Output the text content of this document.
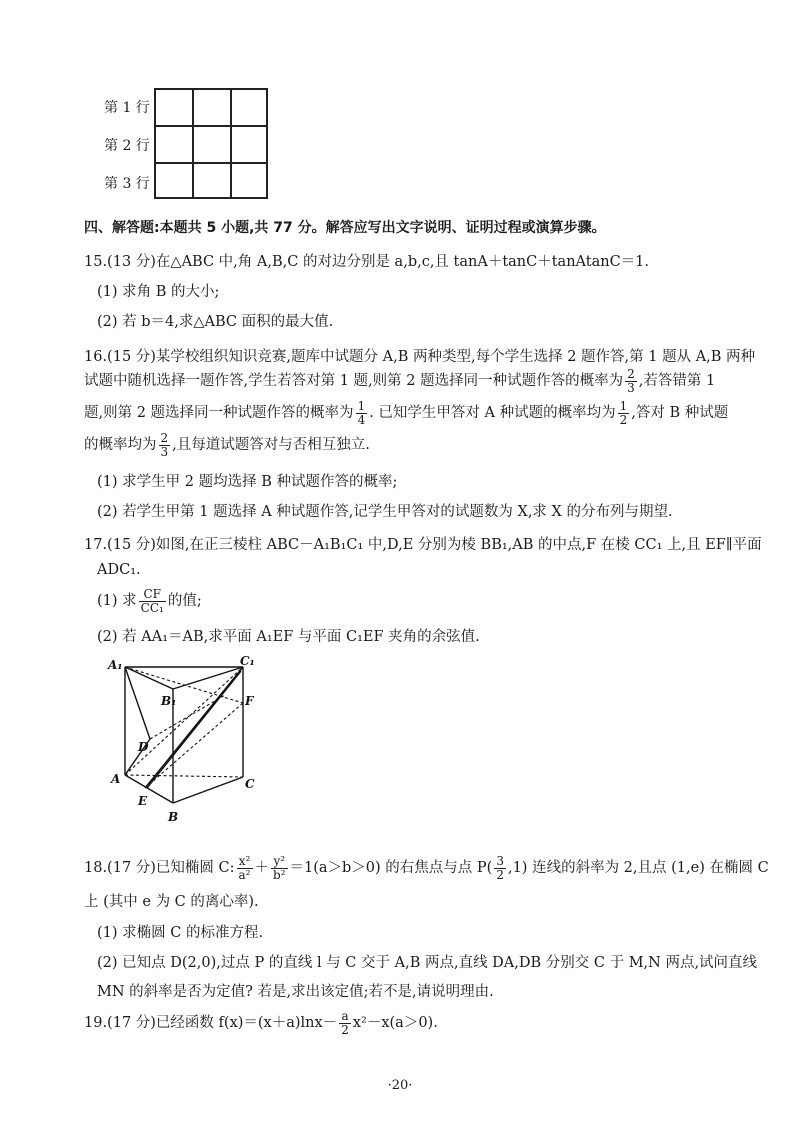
第 1 行
第 2 行
第 3 行
四、解答题:本题共 5 小题,共 77 分。解答应写出文字说明、证明过程或演算步骤。
15.(13 分)在△ABC 中,角 A,B,C 的对边分别是 a,b,c,且 tanA＋tanC＋tanAtanC＝1.
(1) 求角 B 的大小;
(2) 若 b＝4,求△ABC 面积的最大值.
16.(15 分)某学校组织知识竞赛,题库中试题分 A,B 两种类型,每个学生选择 2 题作答,第 1 题从 A,B 两种
试题中随机选择一题作答,学生若答对第 1 题,则第 2 题选择同一种试题作答的概率为 $\frac{2}{3}$ ,若答错第 1
题,则第 2 题选择同一种试题作答的概率为 $\frac{1}{4}$ . 已知学生甲答对 A 种试题的概率均为 $\frac{1}{2}$ ,答对 B 种试题
的概率均为 $\frac{2}{3}$ ,且每道试题答对与否相互独立.
(1) 求学生甲 2 题均选择 B 种试题作答的概率;
(2) 若学生甲第 1 题选择 A 种试题作答,记学生甲答对的试题数为 X,求 X 的分布列与期望.
17.(15 分)如图,在正三棱柱 ABC－A₁B₁C₁ 中,D,E 分别为棱 BB₁,AB 的中点,F 在棱 CC₁ 上,且 EF∥平面
ADC₁.
(1) 求 $\frac{CF}{\text{CC₁}}$ 的值;
(2) 若 AA₁＝AB,求平面 A₁EF 与平面 C₁EF 夹角的余弦值.
A₁	C₁
B₁	F
D
A	C
E
B
18.(17 分)已知椭圆 C: $\frac{\text{x²}}{\text{a²}} + \frac{\text{y²}}{\text{b²}} =1(a>b>0)$ 的右焦点与点 $P( \frac{3}{2} ,1)$ 连线的斜率为 2,且点 (1,e) 在椭圆 C
上 (其中 e 为 C 的离心率).
(1) 求椭圆 C 的标准方程.
(2) 已知点 D(2,0),过点 P 的直线 l 与 C 交于 A,B 两点,直线 DA,DB 分别交 C 于 M,N 两点,试问直线
MN 的斜率是否为定值? 若是,求出该定值;若不是,请说明理由.
19.(17 分)已经函数 $f(x)=(x+a)\ln x- \frac{a}{2} x^2-x(a>0)$.
·20·
